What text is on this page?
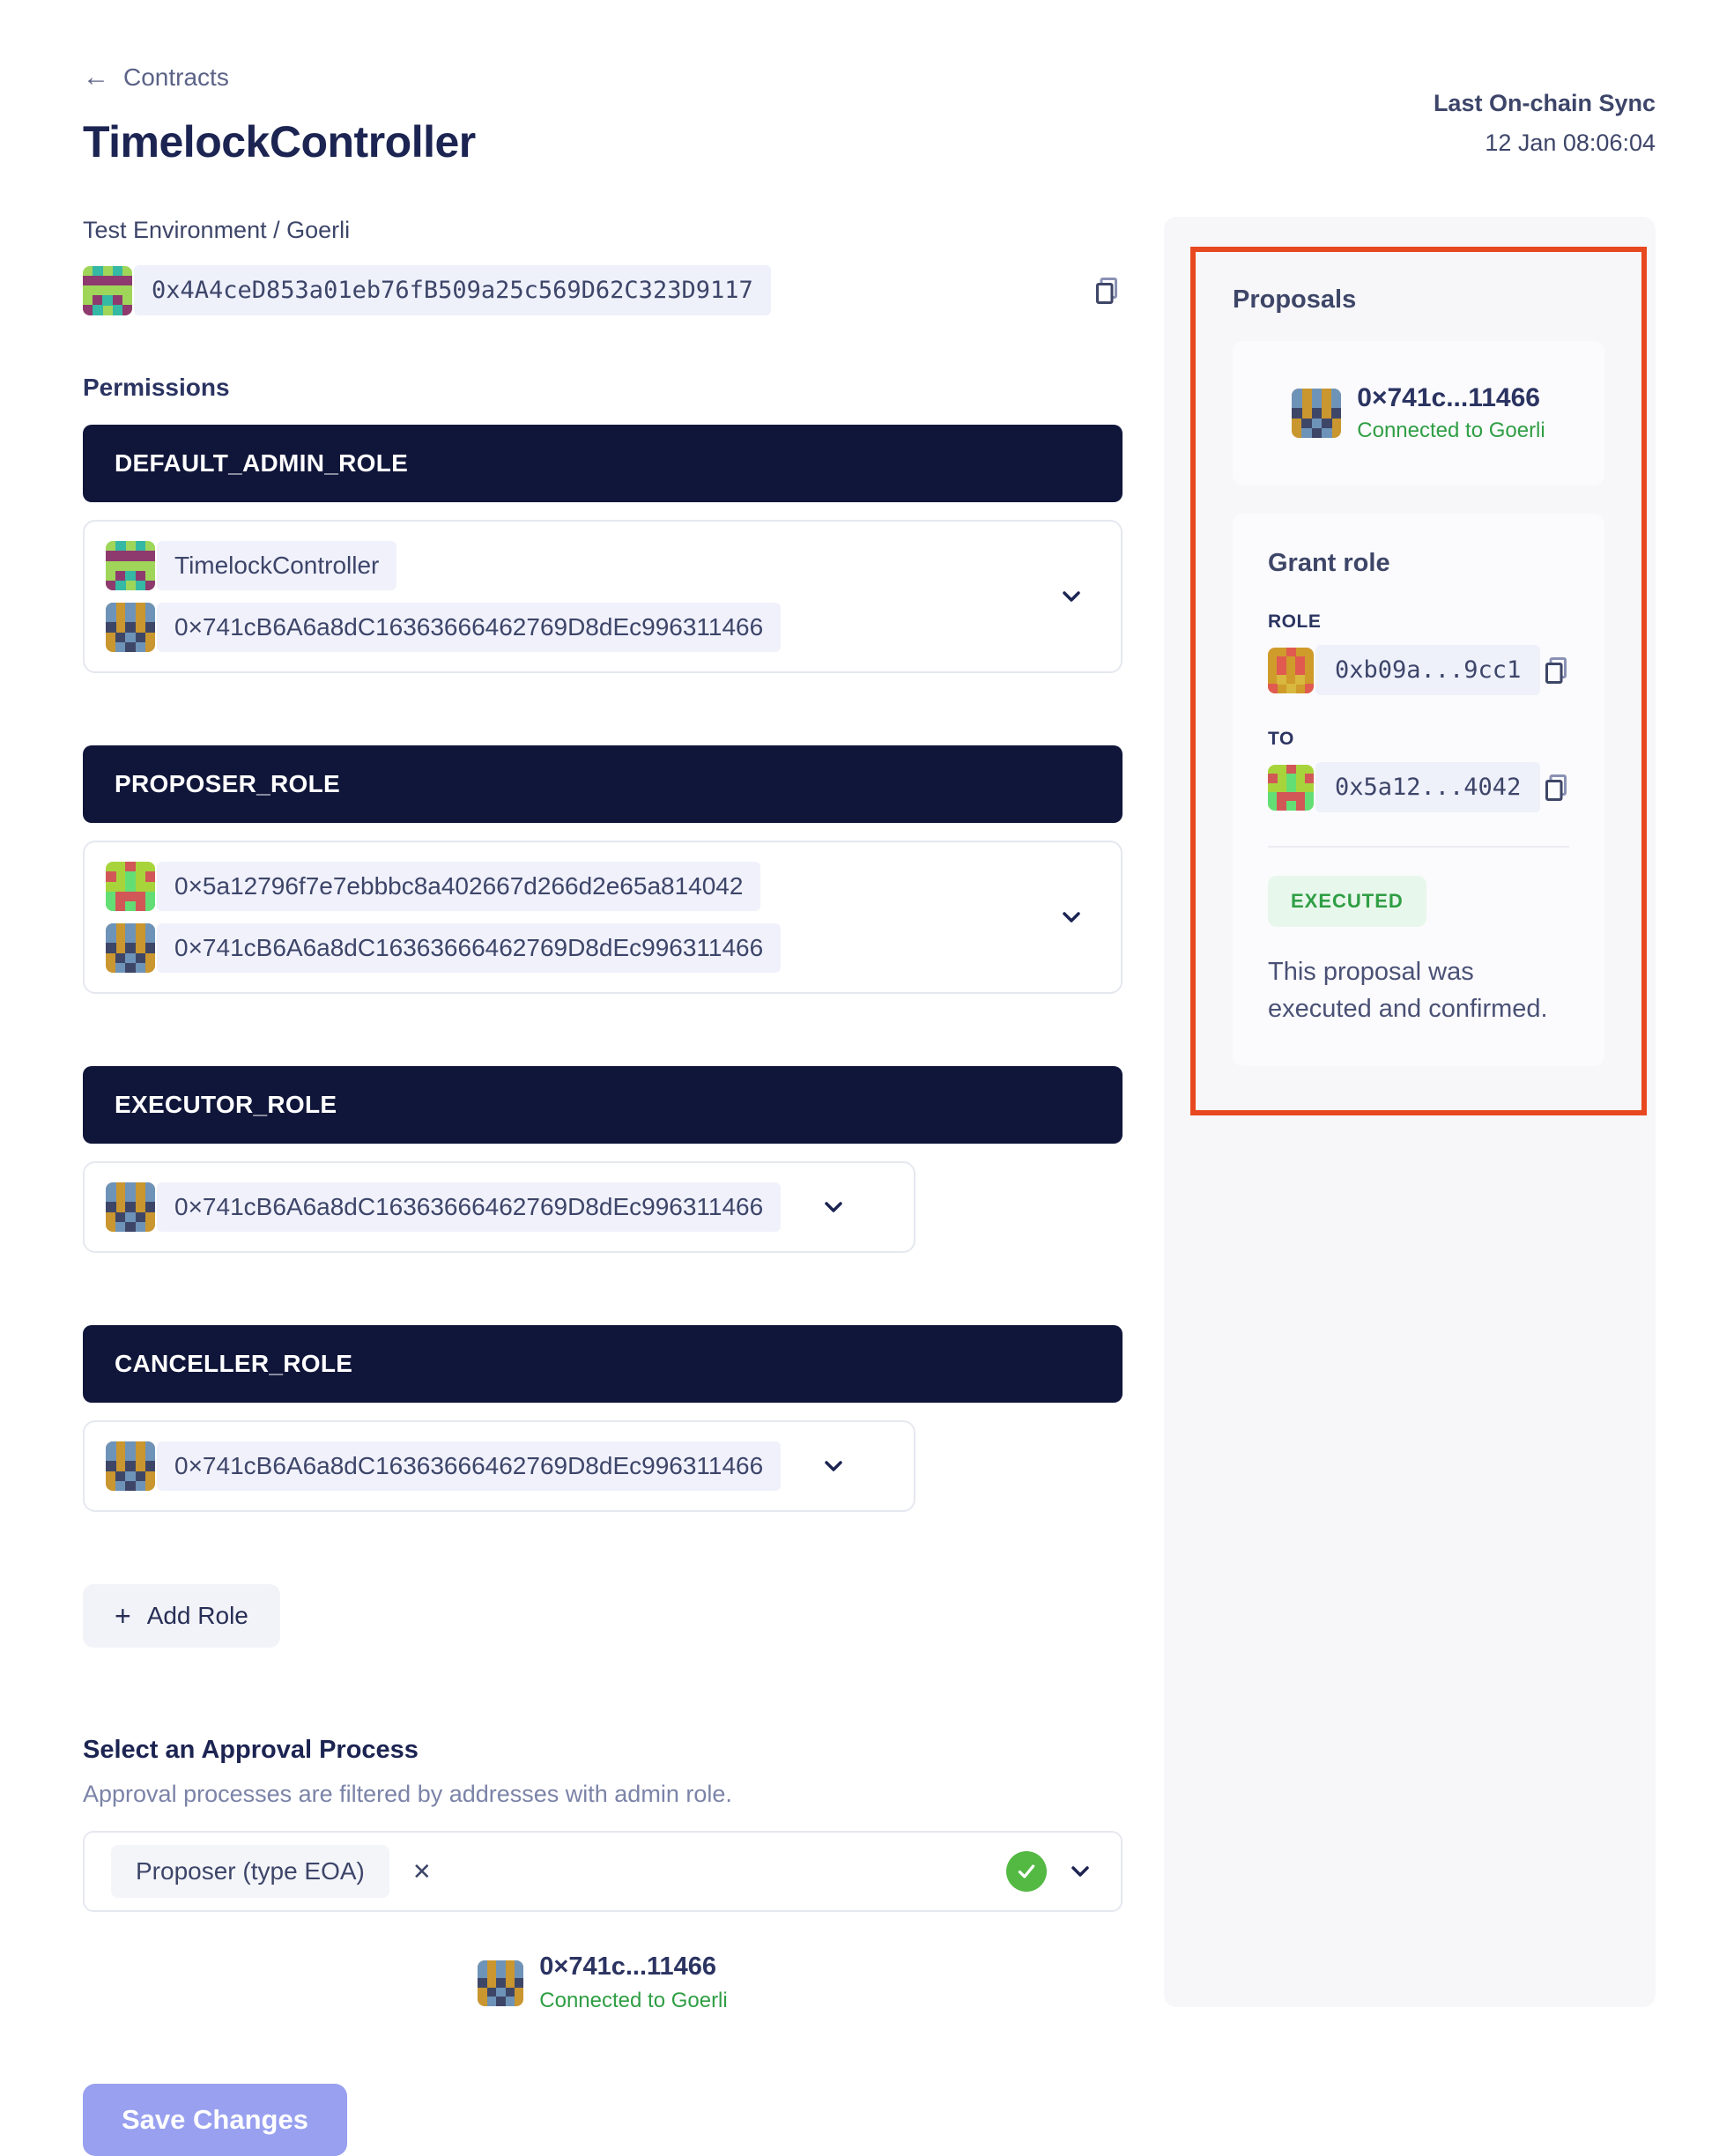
← Contracts
TimelockController
Last On-chain Sync
12 Jan 08:06:04
Test Environment / Goerli
0x4A4ceD853a01eb76fB509a25c569D62C323D9117
Permissions
DEFAULT_ADMIN_ROLE
TimelockController
0×741cB6A6a8dC16363666462769D8dEc996311466
PROPOSER_ROLE
0×5a12796f7e7ebbbc8a402667d266d2e65a814042
0×741cB6A6a8dC16363666462769D8dEc996311466
EXECUTOR_ROLE
0×741cB6A6a8dC16363666462769D8dEc996311466
CANCELLER_ROLE
0×741cB6A6a8dC16363666462769D8dEc996311466
+ Add Role
Select an Approval Process
Approval processes are filtered by addresses with admin role.
Proposer (type EOA)	✕
0×741c...11466
Connected to Goerli
Save Changes
Proposals
0×741c...11466
Connected to Goerli
Grant role
ROLE
0xb09a...9cc1
TO
0x5a12...4042
EXECUTED
This proposal was executed and confirmed.
